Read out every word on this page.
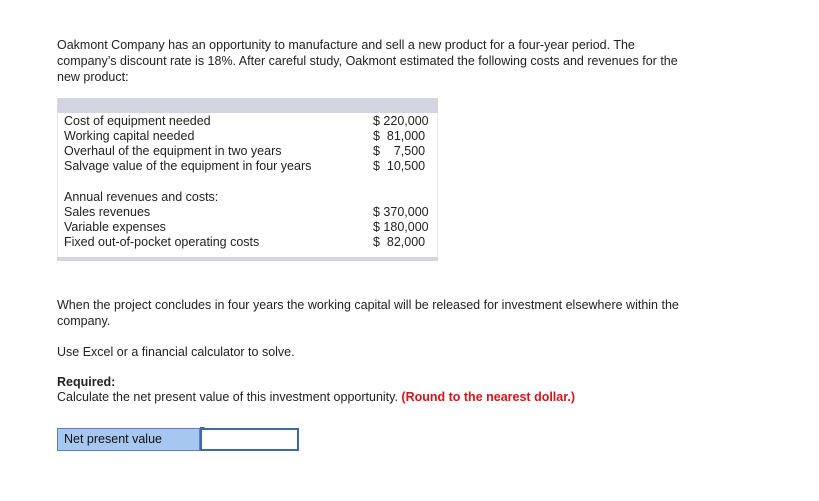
Oakmont Company has an opportunity to manufacture and sell a new product for a four-year period. The company’s discount rate is 18%. After careful study, Oakmont estimated the following costs and revenues for the new product:

Cost of equipment needed	$ 220,000
Working capital needed	$  81,000
Overhaul of the equipment in two years	$    7,500
Salvage value of the equipment in four years	$  10,500
Annual revenues and costs:
Sales revenues	$ 370,000
Variable expenses	$ 180,000
Fixed out-of-pocket operating costs	$  82,000

When the project concludes in four years the working capital will be released for investment elsewhere within the company.

Use Excel or a financial calculator to solve.

Required:

Calculate the net present value of this investment opportunity. (Round to the nearest dollar.)

Net present value
